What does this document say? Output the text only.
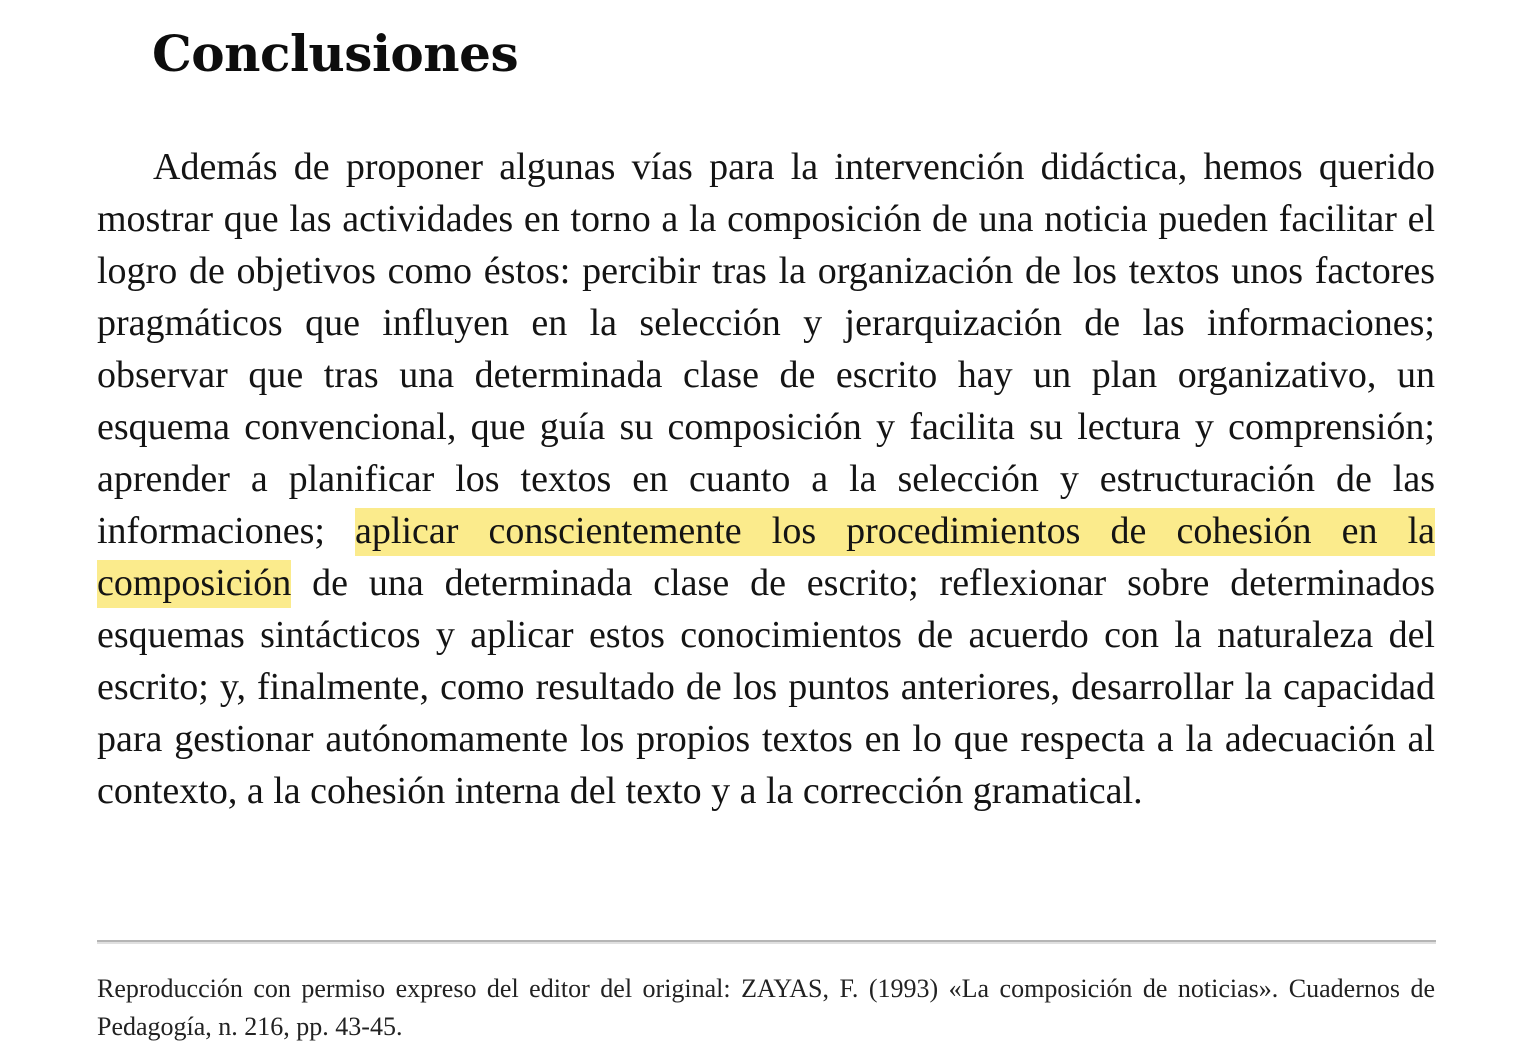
Conclusiones

Además de proponer algunas vías para la intervención didáctica, hemos querido mostrar que las actividades en torno a la composición de una noticia pueden facilitar el logro de objetivos como éstos: percibir tras la organización de los textos unos factores pragmáticos que influyen en la selección y jerarquización de las informaciones; observar que tras una determinada clase de escrito hay un plan organizativo, un esquema convencional, que guía su composición y facilita su lectura y comprensión; aprender a planificar los textos en cuanto a la selección y estructuración de las informaciones; aplicar conscientemente los procedimientos de cohesión en la composición de una determinada clase de escrito; reflexionar sobre determinados esquemas sintácticos y aplicar estos conocimientos de acuerdo con la naturaleza del escrito; y, finalmente, como resultado de los puntos anteriores, desarrollar la capacidad para gestionar autónomamente los propios textos en lo que respecta a la adecuación al contexto, a la cohesión interna del texto y a la corrección gramatical.

Reproducción con permiso expreso del editor del original: ZAYAS, F. (1993) «La composición de noticias». Cuadernos de Pedagogía, n. 216, pp. 43-45.
